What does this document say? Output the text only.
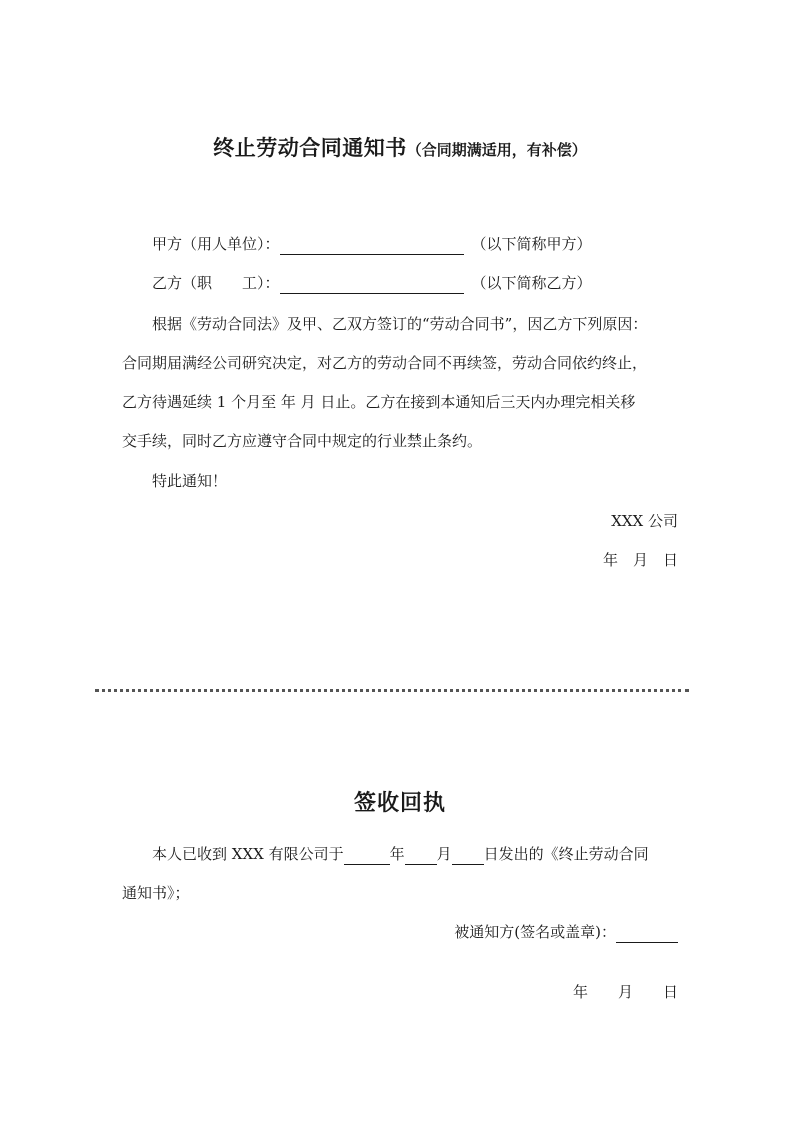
终止劳动合同通知书（合同期满适用，有补偿）
甲方（用人单位）：	（以下简称甲方）
乙方（职　　工）：	（以下简称乙方）
根据《劳动合同法》及甲、乙双方签订的“劳动合同书”，因乙方下列原因：
合同期届满经公司研究决定，对乙方的劳动合同不再续签，劳动合同依约终止，
乙方待遇延续 1 个月至 年 月 日止。乙方在接到本通知后三天内办理完相关移
交手续，同时乙方应遵守合同中规定的行业禁止条约。
特此通知！
XXX 公司
年　月　日
签收回执
本人已收到 XXX 有限公司于	年 月 日发出的《终止劳动合同
通知书》；
被通知方(签名或盖章)：
年　　月　　日
